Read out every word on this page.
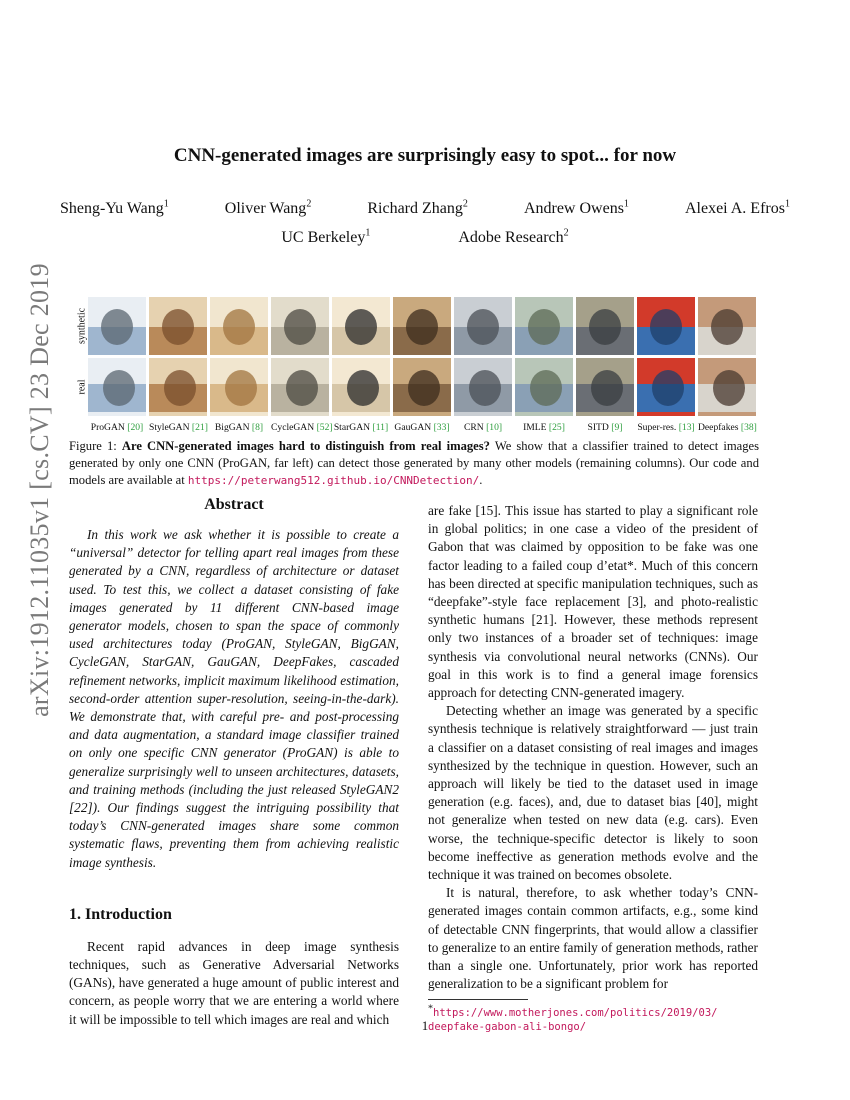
arXiv:1912.11035v1 [cs.CV] 23 Dec 2019
CNN-generated images are surprisingly easy to spot... for now
Sheng-Yu Wang$^1$	Oliver Wang$^2$	Richard Zhang$^2$	Andrew Owens$^1$	Alexei A. Efros$^1$
UC Berkeley$^1$	Adobe Research$^2$
synthetic
real
ProGAN [20] StyleGAN [21] BigGAN [8] CycleGAN [52] StarGAN [11] GauGAN [33]	CRN [10]	IMLE [25]	SITD [9]	Super-res. [13] Deepfakes [38]
Figure 1: Are CNN-generated images hard to distinguish from real images? We show that a classifier trained to detect images generated by only one CNN (ProGAN, far left) can detect those generated by many other models (remaining columns). Our code and models are available at https://peterwang512.github.io/CNNDetection/.
Abstract

In this work we ask whether it is possible to create a “universal” detector for telling apart real images from these generated by a CNN, regardless of architecture or dataset used. To test this, we collect a dataset consisting of fake images generated by 11 different CNN-based image generator models, chosen to span the space of commonly used architectures today (ProGAN, StyleGAN, BigGAN, CycleGAN, StarGAN, GauGAN, DeepFakes, cascaded refinement networks, implicit maximum likelihood estimation, second-order attention super-resolution, seeing-in-the-dark). We demonstrate that, with careful pre- and post-processing and data augmentation, a standard image classifier trained on only one specific CNN generator (ProGAN) is able to generalize surprisingly well to unseen architectures, datasets, and training methods (including the just released StyleGAN2 [22]). Our findings suggest the intriguing possibility that today’s CNN-generated images share some common systematic flaws, preventing them from achieving realistic image synthesis.

1. Introduction

Recent rapid advances in deep image synthesis techniques, such as Generative Adversarial Networks (GANs), have generated a huge amount of public interest and concern, as people worry that we are entering a world where it will be impossible to tell which images are real and which

are fake [15]. This issue has started to play a significant role in global politics; in one case a video of the president of Gabon that was claimed by opposition to be fake was one factor leading to a failed coup d’etat*. Much of this concern has been directed at specific manipulation techniques, such as “deepfake”-style face replacement [3], and photo-realistic synthetic humans [21]. However, these methods represent only two instances of a broader set of techniques: image synthesis via convolutional neural networks (CNNs). Our goal in this work is to find a general image forensics approach for detecting CNN-generated imagery.

Detecting whether an image was generated by a specific synthesis technique is relatively straightforward — just train a classifier on a dataset consisting of real images and images synthesized by the technique in question. However, such an approach will likely be tied to the dataset used in image generation (e.g. faces), and, due to dataset bias [40], might not generalize when tested on new data (e.g. cars). Even worse, the technique-specific detector is likely to soon become ineffective as generation methods evolve and the technique it was trained on becomes obsolete.

It is natural, therefore, to ask whether today’s CNN-generated images contain common artifacts, e.g., some kind of detectable CNN fingerprints, that would allow a classifier to generalize to an entire family of generation methods, rather than a single one. Unfortunately, prior work has reported generalization to be a significant problem for

*https://www.motherjones.com/politics/2019/03/ deepfake-gabon-ali-bongo/
1
